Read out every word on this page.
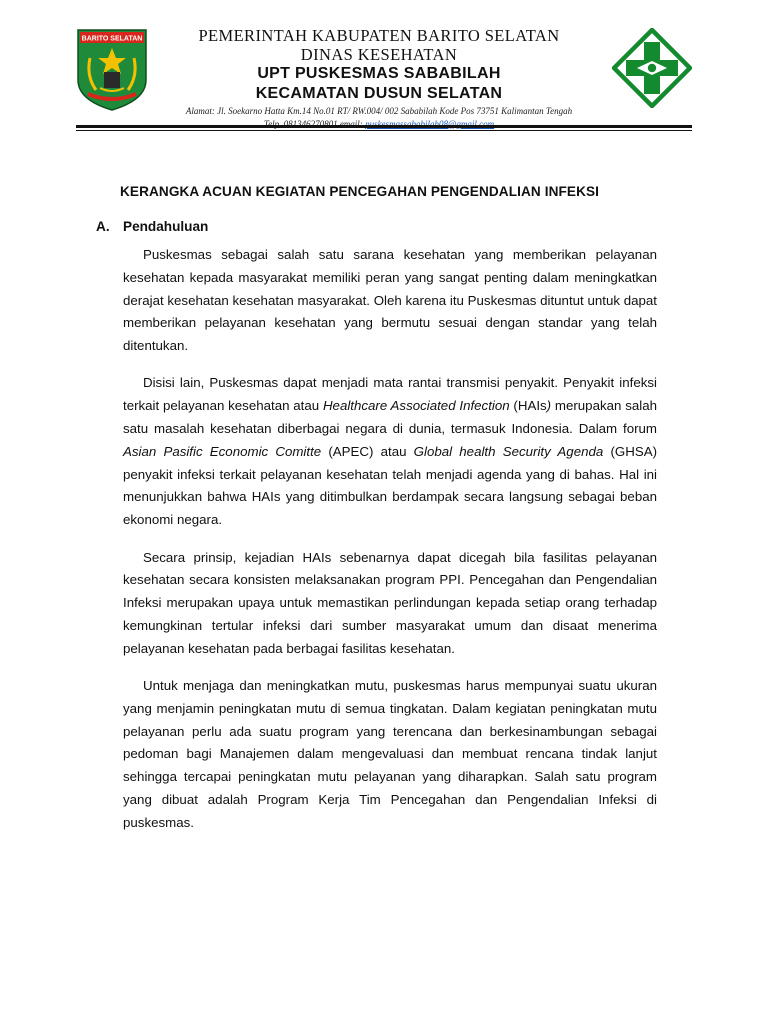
BARITO SELATAN	PEMERINTAH KABUPATEN BARITO SELATAN
DINAS KESEHATAN
UPT PUSKESMAS SABABILAH
KECAMATAN DUSUN SELATAN
Alamat: Jl. Soekarno Hatta Km.14 No.01 RT/ RW.004/ 002 Sababilah Kode Pos 73751 Kalimantan Tengah
Telp. 081346270801 email: puskesmassababilah08@gmail.com
KERANGKA ACUAN KEGIATAN PENCEGAHAN PENGENDALIAN INFEKSI
A. Pendahuluan

Puskesmas sebagai salah satu sarana kesehatan yang memberikan pelayanan kesehatan kepada masyarakat memiliki peran yang sangat penting dalam meningkatkan derajat kesehatan kesehatan masyarakat. Oleh karena itu Puskesmas dituntut untuk dapat memberikan pelayanan kesehatan yang bermutu sesuai dengan standar yang telah ditentukan.

Disisi lain, Puskesmas dapat menjadi mata rantai transmisi penyakit. Penyakit infeksi terkait pelayanan kesehatan atau Healthcare Associated Infection (HAIs) merupakan salah satu masalah kesehatan diberbagai negara di dunia, termasuk Indonesia. Dalam forum Asian Pasific Economic Comitte (APEC) atau Global health Security Agenda (GHSA) penyakit infeksi terkait pelayanan kesehatan telah menjadi agenda yang di bahas. Hal ini menunjukkan bahwa HAIs yang ditimbulkan berdampak secara langsung sebagai beban ekonomi negara.

Secara prinsip, kejadian HAIs sebenarnya dapat dicegah bila fasilitas pelayanan kesehatan secara konsisten melaksanakan program PPI. Pencegahan dan Pengendalian Infeksi merupakan upaya untuk memastikan perlindungan kepada setiap orang terhadap kemungkinan tertular infeksi dari sumber masyarakat umum dan disaat menerima pelayanan kesehatan pada berbagai fasilitas kesehatan.

Untuk menjaga dan meningkatkan mutu, puskesmas harus mempunyai suatu ukuran yang menjamin peningkatan mutu di semua tingkatan. Dalam kegiatan peningkatan mutu pelayanan perlu ada suatu program yang terencana dan berkesinambungan sebagai pedoman bagi Manajemen dalam mengevaluasi dan membuat rencana tindak lanjut sehingga tercapai peningkatan mutu pelayanan yang diharapkan. Salah satu program yang dibuat adalah Program Kerja Tim Pencegahan dan Pengendalian Infeksi di puskesmas.
